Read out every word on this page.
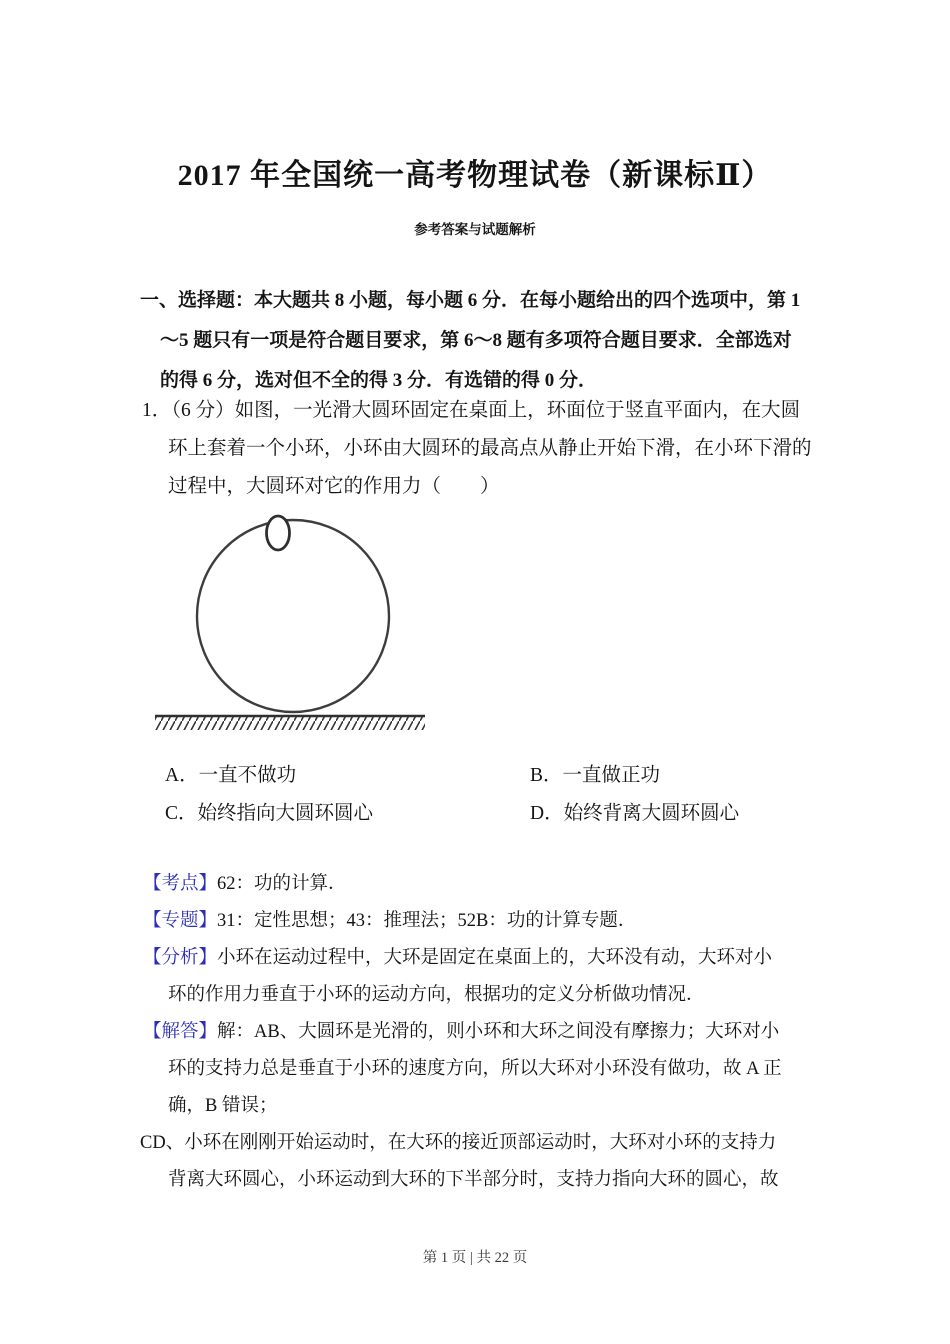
2017 年全国统一高考物理试卷（新课标Ⅱ）
参考答案与试题解析
一、选择题：本大题共 8 小题，每小题 6 分．在每小题给出的四个选项中，第 1
～5 题只有一项是符合题目要求，第 6～8 题有多项符合题目要求．全部选对
的得 6 分，选对但不全的得 3 分．有选错的得 0 分．
1．（6 分）如图，一光滑大圆环固定在桌面上，环面位于竖直平面内，在大圆
环上套着一个小环，小环由大圆环的最高点从静止开始下滑，在小环下滑的
过程中，大圆环对它的作用力（　　）
A．一直不做功	B．一直做正功
C．始终指向大圆环圆心	D．始终背离大圆环圆心
【考点】62：功的计算．
【专题】31：定性思想；43：推理法；52B：功的计算专题．
【分析】小环在运动过程中，大环是固定在桌面上的，大环没有动，大环对小
环的作用力垂直于小环的运动方向，根据功的定义分析做功情况．
【解答】解：AB、大圆环是光滑的，则小环和大环之间没有摩擦力；大环对小
环的支持力总是垂直于小环的速度方向，所以大环对小环没有做功，故 A 正
确，B 错误；
CD、小环在刚刚开始运动时，在大环的接近顶部运动时，大环对小环的支持力
背离大环圆心，小环运动到大环的下半部分时，支持力指向大环的圆心，故
第 1 页 | 共 22 页
